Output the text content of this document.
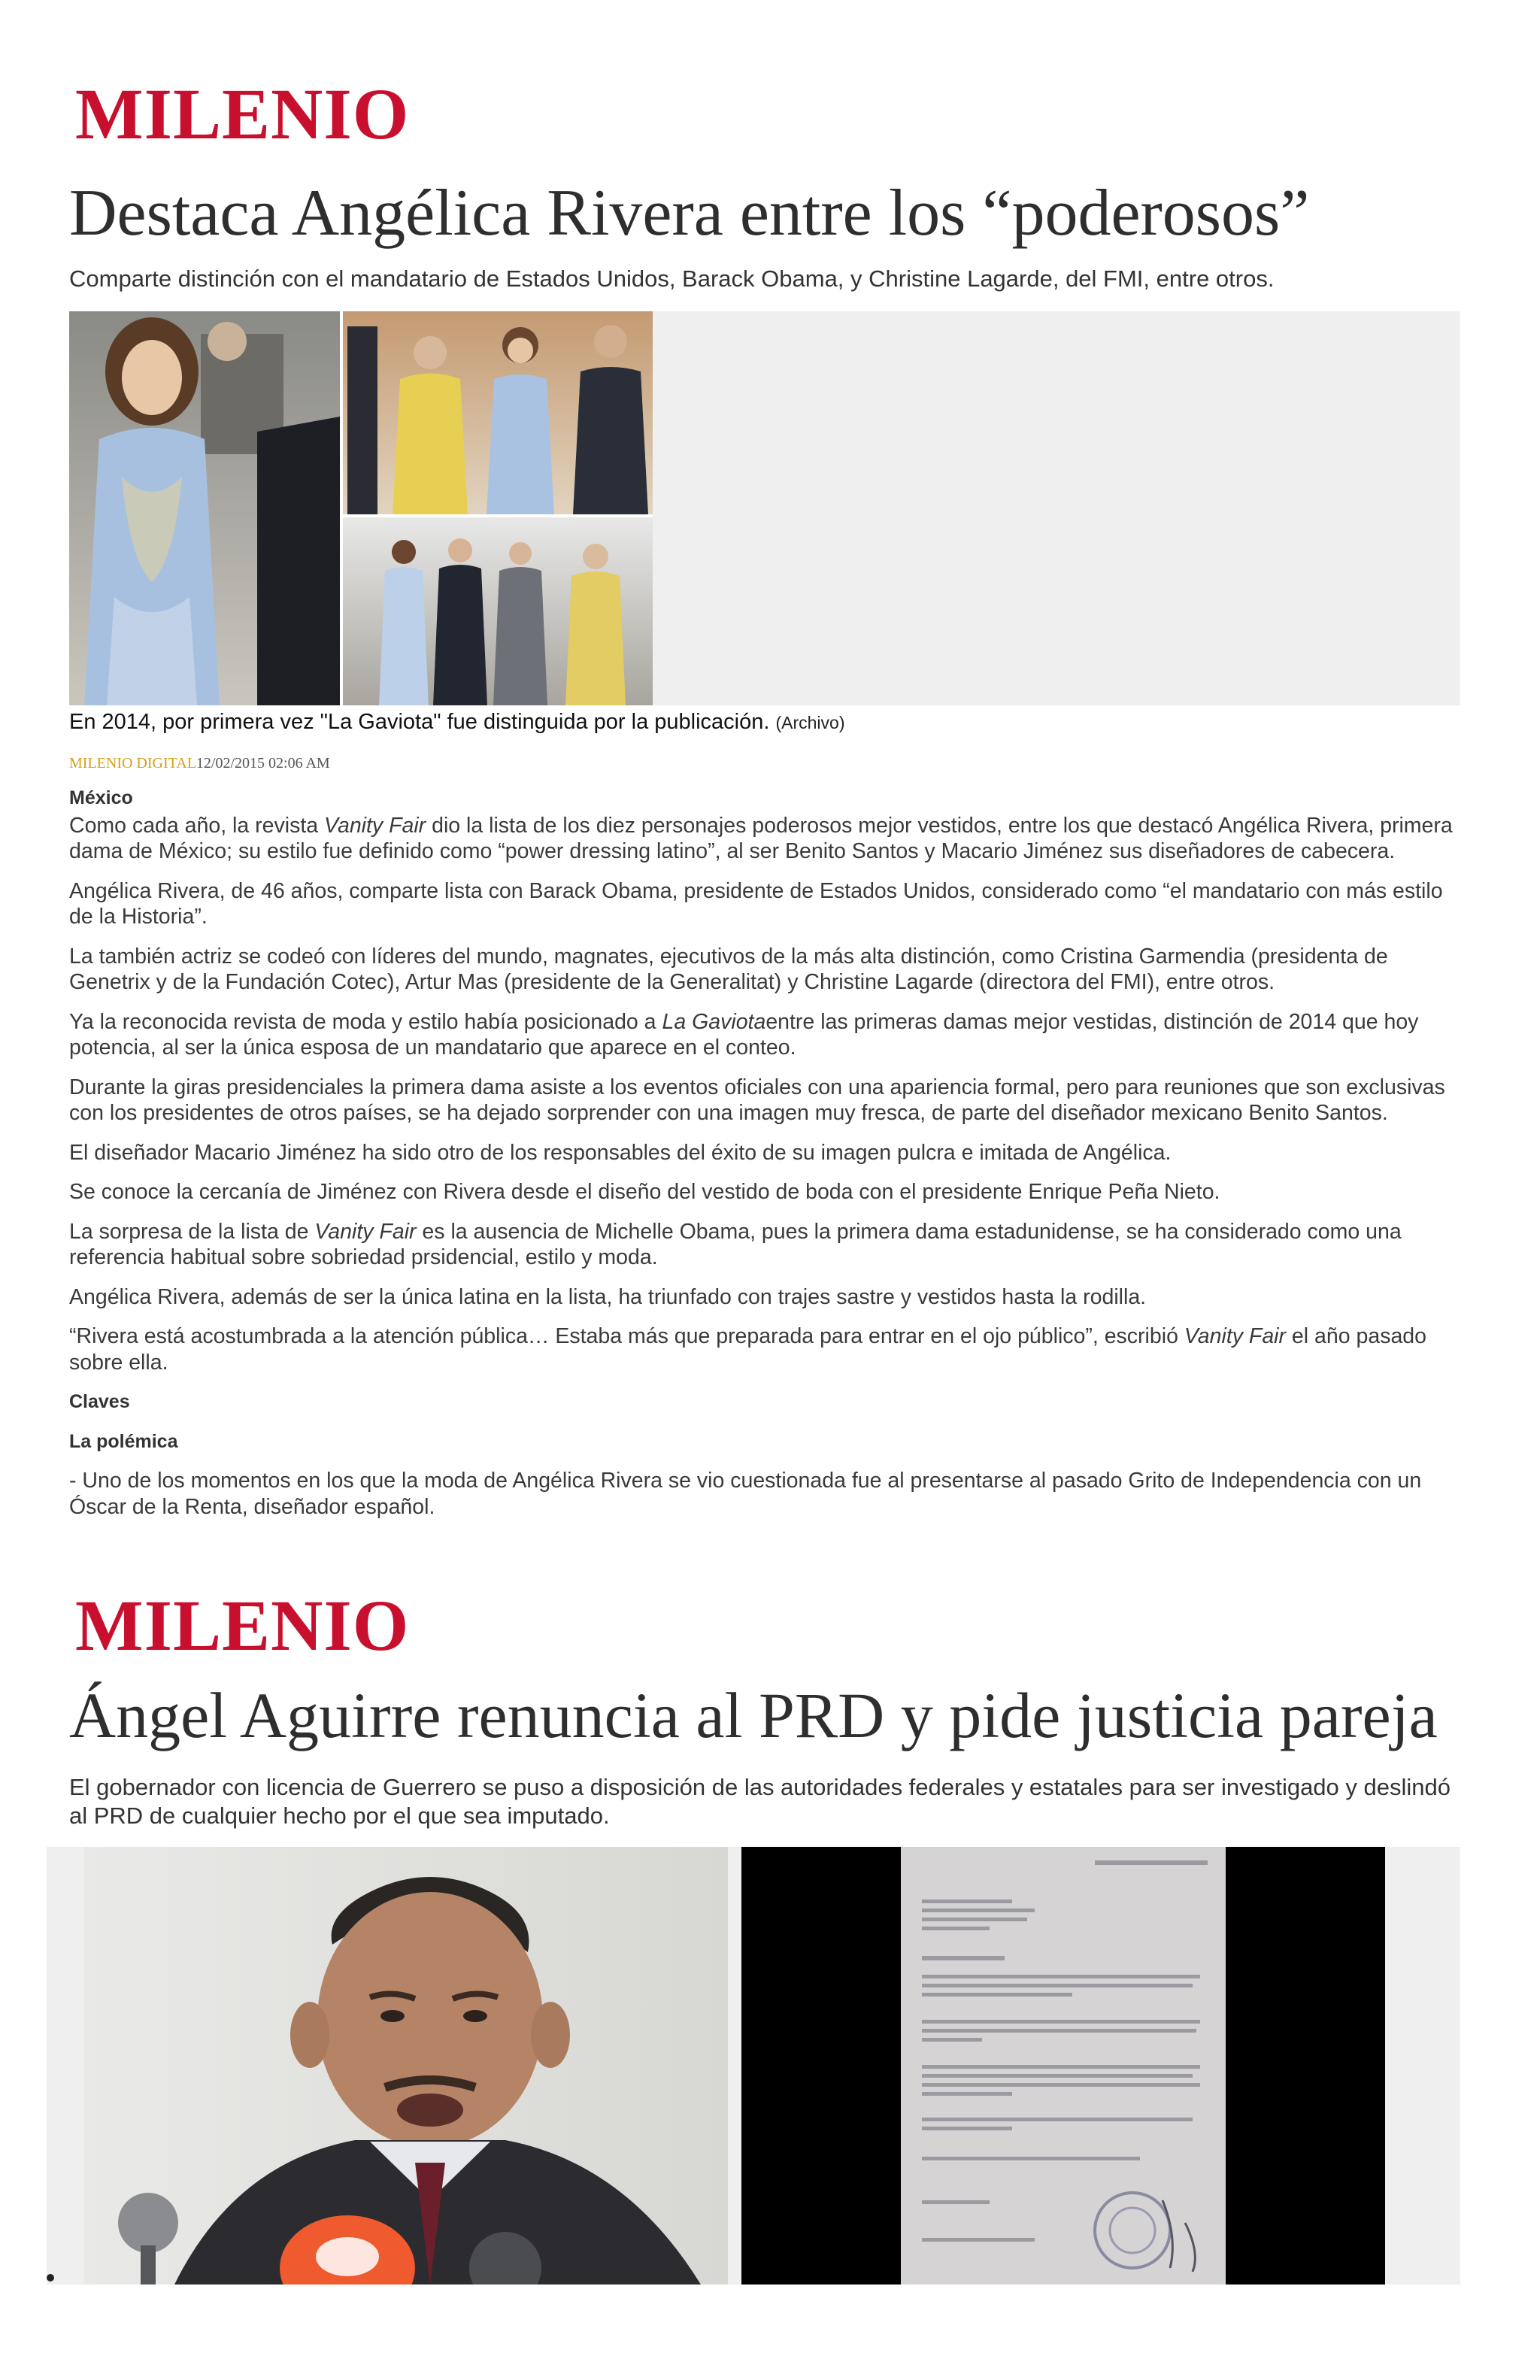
MILENIO
Destaca Angélica Rivera entre los “poderosos”
Comparte distinción con el mandatario de Estados Unidos, Barack Obama, y Christine Lagarde, del FMI, entre otros.
En 2014, por primera vez "La Gaviota" fue distinguida por la publicación. (Archivo)
MILENIO DIGITAL12/02/2015 02:06 AM
México

Como cada año, la revista Vanity Fair dio la lista de los diez personajes poderosos mejor vestidos, entre los que destacó Angélica Rivera, primera dama de México; su estilo fue definido como “power dressing latino”, al ser Benito Santos y Macario Jiménez sus diseñadores de cabecera.

Angélica Rivera, de 46 años, comparte lista con Barack Obama, presidente de Estados Unidos, considerado como “el mandatario con más estilo de la Historia”.

La también actriz se codeó con líderes del mundo, magnates, ejecutivos de la más alta distinción, como Cristina Garmendia (presidenta de Genetrix y de la Fundación Cotec), Artur Mas (presidente de la Generalitat) y Christine Lagarde (directora del FMI), entre otros.

Ya la reconocida revista de moda y estilo había posicionado a La Gaviotaentre las primeras damas mejor vestidas, distinción de 2014 que hoy potencia, al ser la única esposa de un mandatario que aparece en el conteo.

Durante la giras presidenciales la primera dama asiste a los eventos oficiales con una apariencia formal, pero para reuniones que son exclusivas con los presidentes de otros países, se ha dejado sorprender con una imagen muy fresca, de parte del diseñador mexicano Benito Santos.

El diseñador Macario Jiménez ha sido otro de los responsables del éxito de su imagen pulcra e imitada de Angélica.

Se conoce la cercanía de Jiménez con Rivera desde el diseño del vestido de boda con el presidente Enrique Peña Nieto.

La sorpresa de la lista de Vanity Fair es la ausencia de Michelle Obama, pues la primera dama estadunidense, se ha considerado como una referencia habitual sobre sobriedad prsidencial, estilo y moda.

Angélica Rivera, además de ser la única latina en la lista, ha triunfado con trajes sastre y vestidos hasta la rodilla.

“Rivera está acostumbrada a la atención pública… Estaba más que preparada para entrar en el ojo público”, escribió Vanity Fair el año pasado sobre ella.

Claves
La polémica

- Uno de los momentos en los que la moda de Angélica Rivera se vio cuestionada fue al presentarse al pasado Grito de Independencia con un Óscar de la Renta, diseñador español.

MILENIO
Ángel Aguirre renuncia al PRD y pide justicia pareja
El gobernador con licencia de Guerrero se puso a disposición de las autoridades federales y estatales para ser investigado y deslindó al PRD de cualquier hecho por el que sea imputado.
